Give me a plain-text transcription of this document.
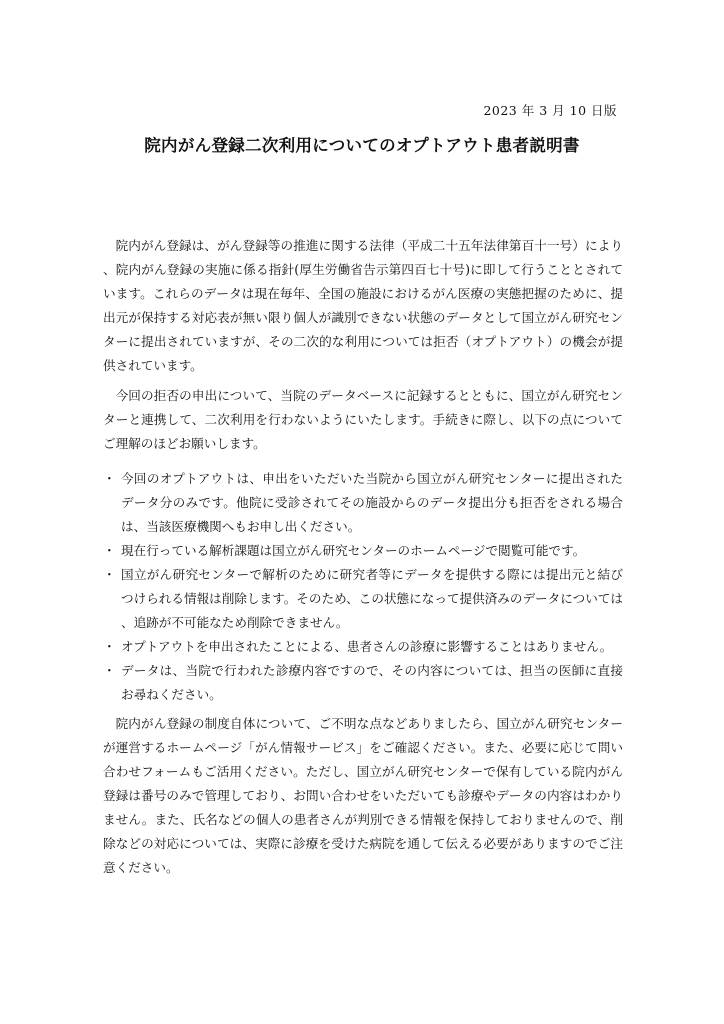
2023 年 3 月 10 日版
院内がん登録二次利用についてのオプトアウト患者説明書

院内がん登録は、がん登録等の推進に関する法律（平成二十五年法律第百十一号）により、院内がん登録の実施に係る指針(厚生労働省告示第四百七十号)に即して行うこととされています。これらのデータは現在毎年、全国の施設におけるがん医療の実態把握のために、提出元が保持する対応表が無い限り個人が識別できない状態のデータとして国立がん研究センターに提出されていますが、その二次的な利用については拒否（オプトアウト）の機会が提供されています。

今回の拒否の申出について、当院のデータベースに記録するとともに、国立がん研究センターと連携して、二次利用を行わないようにいたします。手続きに際し、以下の点についてご理解のほどお願いします。

・ 今回のオプトアウトは、申出をいただいた当院から国立がん研究センターに提出されたデータ分のみです。他院に受診されてその施設からのデータ提出分も拒否をされる場合は、当該医療機関へもお申し出ください。
・ 現在行っている解析課題は国立がん研究センターのホームページで閲覧可能です。
・ 国立がん研究センターで解析のために研究者等にデータを提供する際には提出元と結びつけられる情報は削除します。そのため、この状態になって提供済みのデータについては、追跡が不可能なため削除できません。
・ オプトアウトを申出されたことによる、患者さんの診療に影響することはありません。
・ データは、当院で行われた診療内容ですので、その内容については、担当の医師に直接お尋ねください。

院内がん登録の制度自体について、ご不明な点などありましたら、国立がん研究センターが運営するホームページ「がん情報サービス」をご確認ください。また、必要に応じて問い合わせフォームもご活用ください。ただし、国立がん研究センターで保有している院内がん登録は番号のみで管理しており、お問い合わせをいただいても診療やデータの内容はわかりません。また、氏名などの個人の患者さんが判別できる情報を保持しておりませんので、削除などの対応については、実際に診療を受けた病院を通して伝える必要がありますのでご注意ください。
